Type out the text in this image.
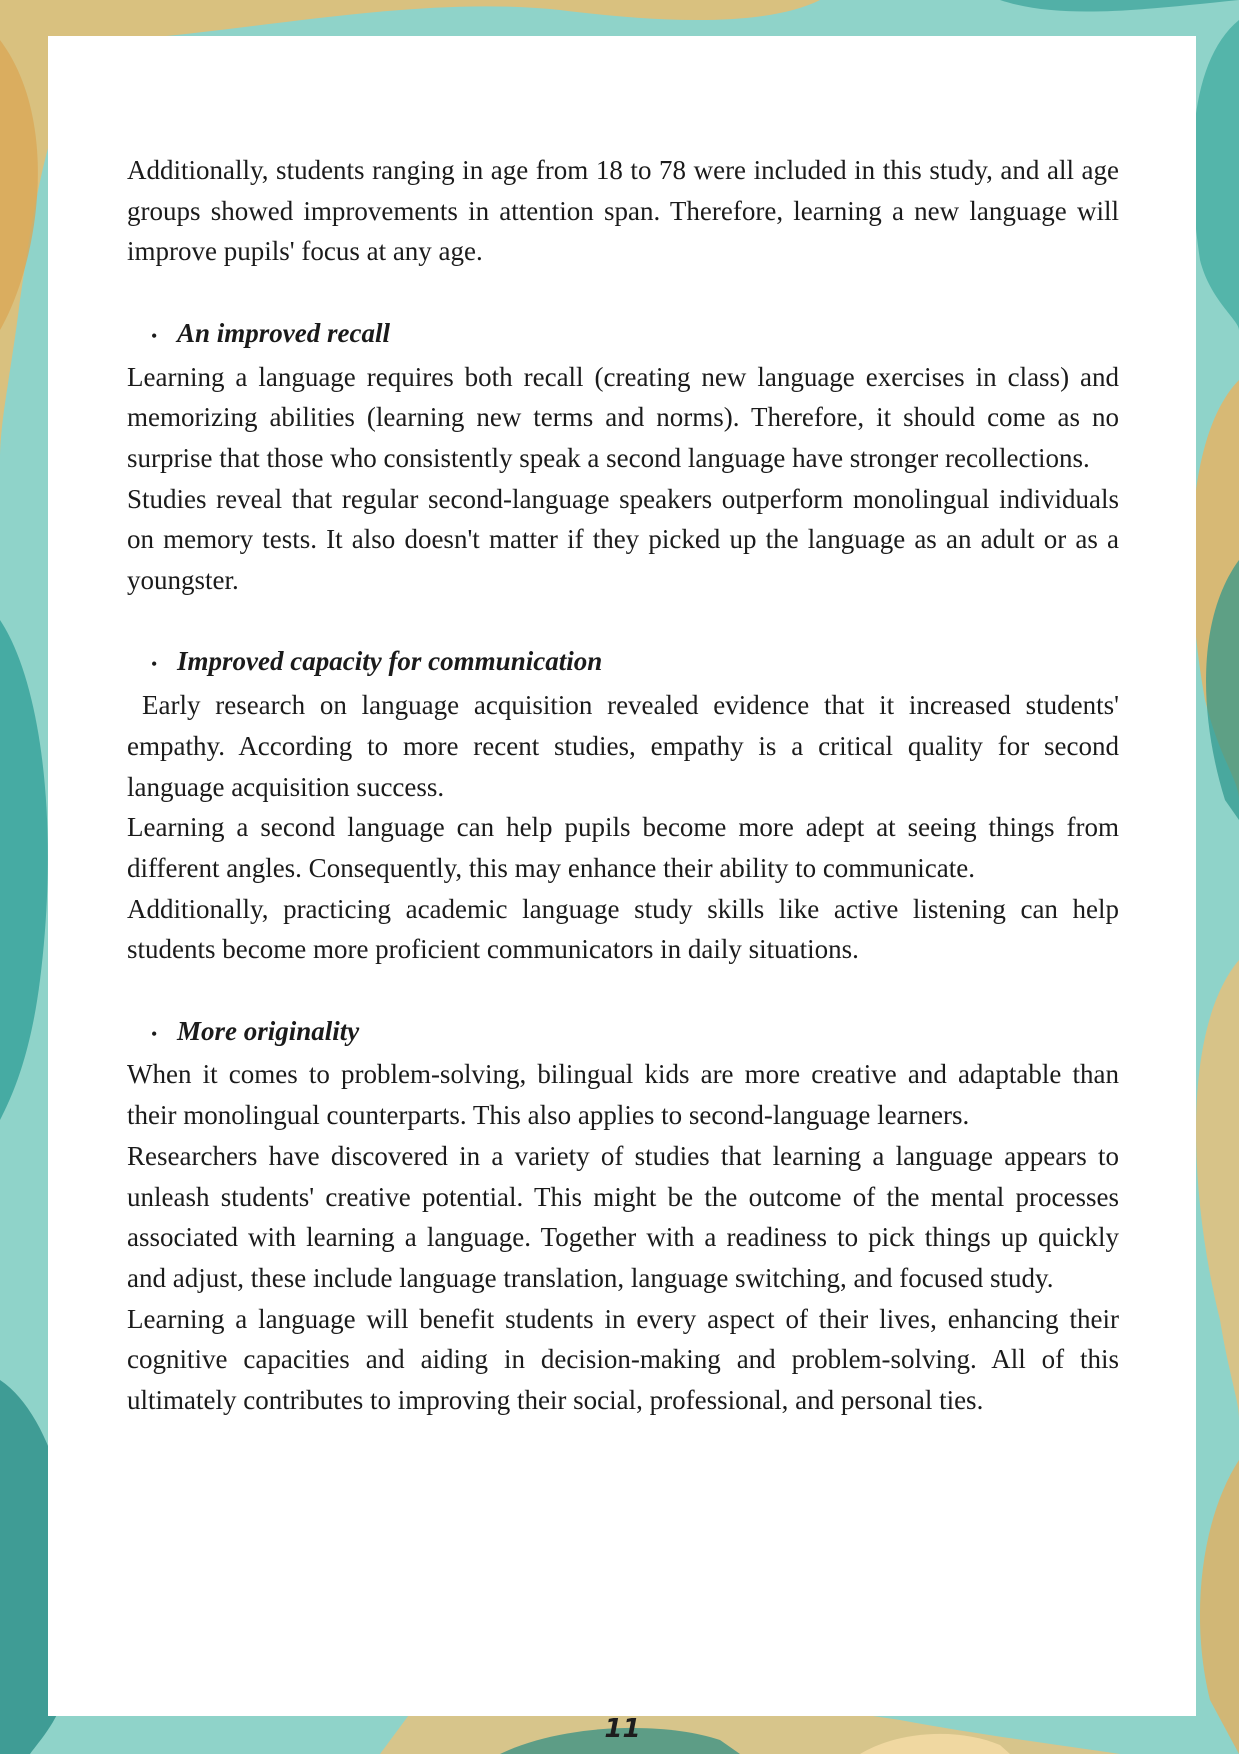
Additionally, students ranging in age from 18 to 78 were included in this study, and all age groups showed improvements in attention span. Therefore, learning a new language will improve pupils' focus at any age.

• An improved recall

Learning a language requires both recall (creating new language exercises in class) and memorizing abilities (learning new terms and norms). Therefore, it should come as no surprise that those who consistently speak a second language have stronger recollections.

Studies reveal that regular second-language speakers outperform monolingual individuals on memory tests. It also doesn't matter if they picked up the language as an adult or as a youngster.

• Improved capacity for communication

Early research on language acquisition revealed evidence that it increased students' empathy. According to more recent studies, empathy is a critical quality for second language acquisition success.

Learning a second language can help pupils become more adept at seeing things from different angles. Consequently, this may enhance their ability to communicate.

Additionally, practicing academic language study skills like active listening can help students become more proficient communicators in daily situations.

• More originality

When it comes to problem-solving, bilingual kids are more creative and adaptable than their monolingual counterparts. This also applies to second-language learners.

Researchers have discovered in a variety of studies that learning a language appears to unleash students' creative potential. This might be the outcome of the mental processes associated with learning a language. Together with a readiness to pick things up quickly and adjust, these include language translation, language switching, and focused study.

Learning a language will benefit students in every aspect of their lives, enhancing their cognitive capacities and aiding in decision-making and problem-solving. All of this ultimately contributes to improving their social, professional, and personal ties.

11
